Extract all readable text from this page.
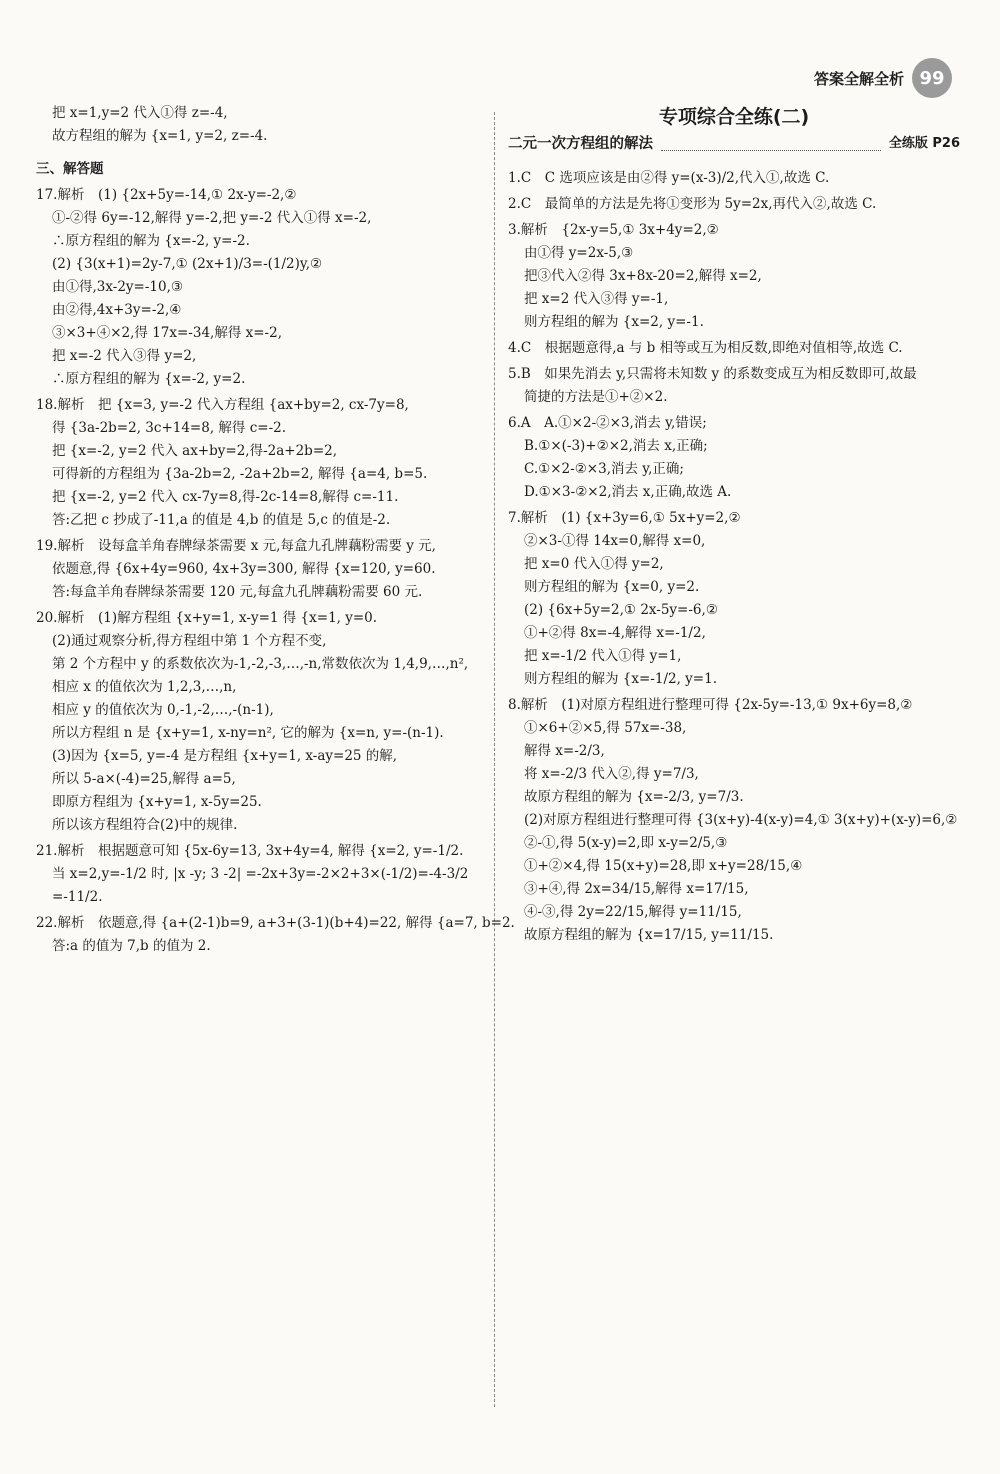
答案全解全析 99
把 x=1,y=2 代入①得 z=-4,
故方程组的解为 {x=1, y=2, z=-4.
三、解答题
17.解析　(1) {2x+5y=-14,① 2x-y=-2,②
①-②得 6y=-12,解得 y=-2,把 y=-2 代入①得 x=-2,
∴原方程组的解为 {x=-2, y=-2.
(2) {3(x+1)=2y-7,① (2x+1)/3=-(1/2)y,②
由①得,3x-2y=-10,③
由②得,4x+3y=-2,④
③×3+④×2,得 17x=-34,解得 x=-2,
把 x=-2 代入③得 y=2,
∴原方程组的解为 {x=-2, y=2.
18.解析　把 {x=3, y=-2 代入方程组 {ax+by=2, cx-7y=8,
得 {3a-2b=2, 3c+14=8, 解得 c=-2.
把 {x=-2, y=2 代入 ax+by=2,得-2a+2b=2,
可得新的方程组为 {3a-2b=2, -2a+2b=2, 解得 {a=4, b=5.
把 {x=-2, y=2 代入 cx-7y=8,得-2c-14=8,解得 c=-11.
答:乙把 c 抄成了-11,a 的值是 4,b 的值是 5,c 的值是-2.
19.解析　设每盒羊角春牌绿茶需要 x 元,每盒九孔牌藕粉需要 y 元,
依题意,得 {6x+4y=960, 4x+3y=300, 解得 {x=120, y=60.
答:每盒羊角春牌绿茶需要 120 元,每盒九孔牌藕粉需要 60 元.
20.解析　(1)解方程组 {x+y=1, x-y=1 得 {x=1, y=0.
(2)通过观察分析,得方程组中第 1 个方程不变,
第 2 个方程中 y 的系数依次为-1,-2,-3,…,-n,常数依次为 1,4,9,…,n²,
相应 x 的值依次为 1,2,3,…,n,
相应 y 的值依次为 0,-1,-2,…,-(n-1),
所以方程组 n 是 {x+y=1, x-ny=n², 它的解为 {x=n, y=-(n-1).
(3)因为 {x=5, y=-4 是方程组 {x+y=1, x-ay=25 的解,
所以 5-a×(-4)=25,解得 a=5,
即原方程组为 {x+y=1, x-5y=25.
所以该方程组符合(2)中的规律.
21.解析　根据题意可知 {5x-6y=13, 3x+4y=4, 解得 {x=2, y=-1/2.
当 x=2,y=-1/2 时, |x -y; 3 -2| =-2x+3y=-2×2+3×(-1/2)=-4-3/2
=-11/2.
22.解析　依题意,得 {a+(2-1)b=9, a+3+(3-1)(b+4)=22, 解得 {a=7, b=2.
答:a 的值为 7,b 的值为 2.
专项综合全练(二)
二元一次方程组的解法	全练版 P26
1.C　C 选项应该是由②得 y=(x-3)/2,代入①,故选 C.
2.C　最简单的方法是先将①变形为 5y=2x,再代入②,故选 C.
3.解析　{2x-y=5,① 3x+4y=2,②
由①得 y=2x-5,③
把③代入②得 3x+8x-20=2,解得 x=2,
把 x=2 代入③得 y=-1,
则方程组的解为 {x=2, y=-1.
4.C　根据题意得,a 与 b 相等或互为相反数,即绝对值相等,故选 C.
5.B　如果先消去 y,只需将未知数 y 的系数变成互为相反数即可,故最
简捷的方法是①+②×2.
6.A　A.①×2-②×3,消去 y,错误;
B.①×(-3)+②×2,消去 x,正确;
C.①×2-②×3,消去 y,正确;
D.①×3-②×2,消去 x,正确,故选 A.
7.解析　(1) {x+3y=6,① 5x+y=2,②
②×3-①得 14x=0,解得 x=0,
把 x=0 代入①得 y=2,
则方程组的解为 {x=0, y=2.
(2) {6x+5y=2,① 2x-5y=-6,②
①+②得 8x=-4,解得 x=-1/2,
把 x=-1/2 代入①得 y=1,
则方程组的解为 {x=-1/2, y=1.
8.解析　(1)对原方程组进行整理可得 {2x-5y=-13,① 9x+6y=8,②
①×6+②×5,得 57x=-38,
解得 x=-2/3,
将 x=-2/3 代入②,得 y=7/3,
故原方程组的解为 {x=-2/3, y=7/3.
(2)对原方程组进行整理可得 {3(x+y)-4(x-y)=4,① 3(x+y)+(x-y)=6,②
②-①,得 5(x-y)=2,即 x-y=2/5,③
①+②×4,得 15(x+y)=28,即 x+y=28/15,④
③+④,得 2x=34/15,解得 x=17/15,
④-③,得 2y=22/15,解得 y=11/15,
故原方程组的解为 {x=17/15, y=11/15.
